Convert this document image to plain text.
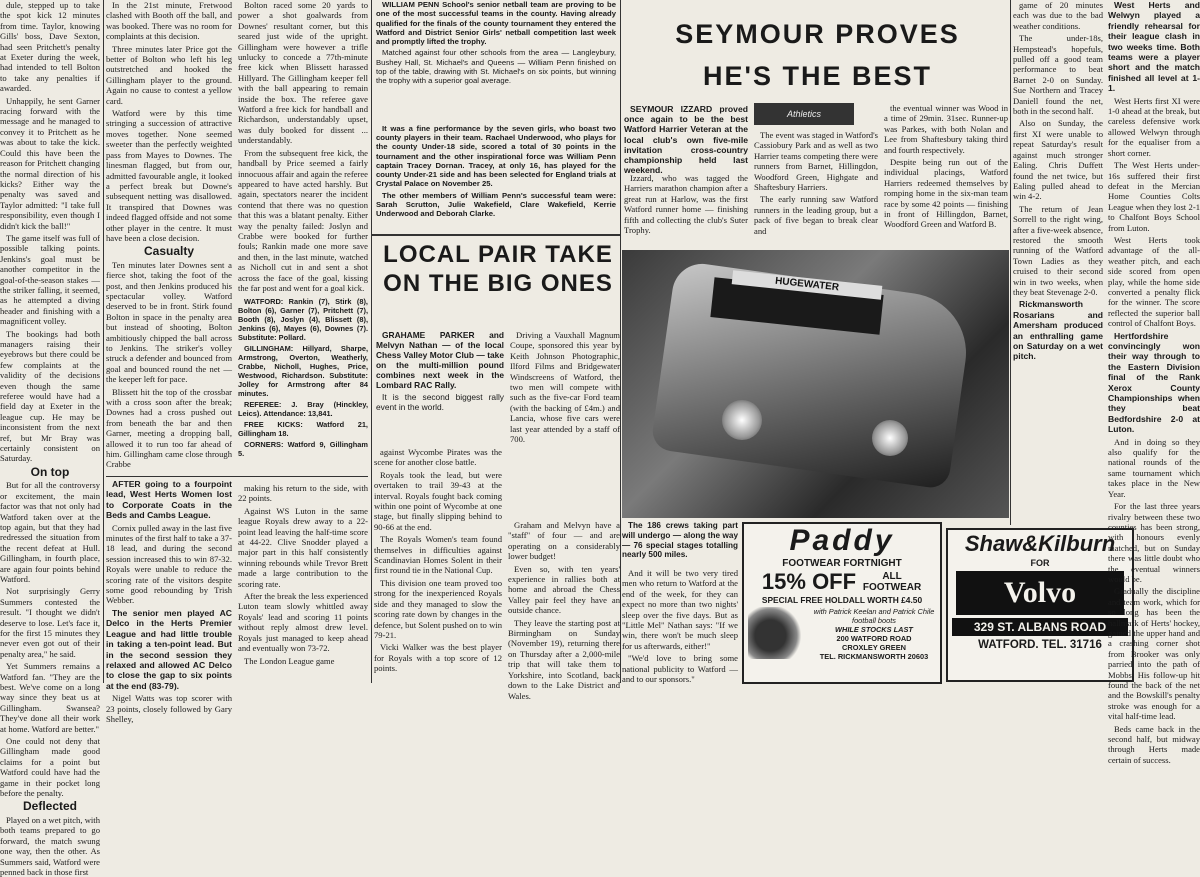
dule, stepped up to take the spot kick 12 minutes from time. Taylor, knowing Gills' boss, Dave Sexton, had seen Pritchett's penalty at Exeter during the week, had intended to tell Bolton to take any penalties if awarded.

Unhappily, he sent Garner racing forward with the message and he managed to convey it to Pritchett as he was about to take the kick. Could this have been the reason for Pritchett changing the normal direction of his kicks? Either way the penalty was saved and Taylor admitted: "I take full responsibility, even though I didn't kick the ball!"

The game itself was full of possible talking points. Jenkins's goal must be another competitor in the goal-of-the-season stakes — the striker falling, it seemed, as he attempted a diving header and finishing with a magnificent volley.

The bookings had both managers raising their eyebrows but there could be few complaints at the validity of the decisions even though the same referee would have had a field day at Exeter in the league cup. He may be inconsistent from the next ref, but Mr Bray was certainly consistent on Saturday.

On top

But for all the controversy or excitement, the main factor was that not only had Watford taken over at the top again, but that they had redressed the situation from the recent defeat at Hull. Gillingham, in fourth place, are again four points behind Watford.

Not surprisingly Gerry Summers contested the result. "I thought we didn't deserve to lose. Let's face it, for the first 15 minutes they never even got out of their penalty area," he said.

Yet Summers remains a Watford fan. "They are the best. We've come on a long way since they beat us at Gillingham. Swansea? They've done all their work at home. Watford are better."

One could not deny that Gillingham made good claims for a point but Watford could have had the game in their pocket long before the penalty.

Deflected

Played on a wet pitch, with both teams prepared to go forward, the match swung one way, then the other. As Summers said, Watford were penned back in those first

In the 21st minute, Fretwood clashed with Booth off the ball, and was booked. There was no room for complaints at this decision.

Three minutes later Price got the better of Bolton who left his leg outstretched and hooked the Gillingham player to the ground. Again no cause to contest a yellow card.

Watford were by this time stringing a succession of attractive moves together. None seemed sweeter than the perfectly weighted pass from Mayes to Downes. The linesman flagged, but from our, admitted favourable angle, it looked a perfect break but Downe's subsequent netting was disallowed. It transpired that Downes was indeed flagged offside and not some other player in the centre. It must have been a close decision.

Casualty

Ten minutes later Downes sent a fierce shot, taking the foot of the post, and then Jenkins produced his spectacular volley. Watford deserved to be in front. Stirk found Bolton in space in the penalty area but instead of shooting, Bolton ambitiously chipped the ball across to Jenkins. The striker's volley struck a defender and bounced from goal and bounced round the net — the keeper left for pace.

Blissett hit the top of the crossbar with a cross soon after the break; Downes had a cross pushed out from beneath the bar and then Garner, meeting a dropping ball, allowed it to run too far ahead of him. Gillingham came close through Crabbe

Bolton raced some 20 yards to power a shot goalwards from Downes' resultant corner, but this seared just wide of the upright. Gillingham were however a trifle unlucky to concede a 77th-minute free kick when Blissett harassed Hillyard. The Gillingham keeper fell with the ball appearing to remain inside the box. The referee gave Watford a free kick for handball and Richardson, understandably upset, was duly booked for dissent ... understandably.

From the subsequent free kick, the handball by Price seemed a fairly innocuous affair and again the referee appeared to have acted harshly. But again, spectators nearer the incident contend that there was no question that this was a blatant penalty. Either way the penalty failed: Joslyn and Crabbe were booked for further fouls; Rankin made one more save and then, in the last minute, watched as Nicholl cut in and sent a shot across the face of the goal, kissing the far post and went for a goal kick.

WATFORD: Rankin (7), Stirk (8), Bolton (6), Garner (7), Pritchett (7), Booth (8), Joslyn (4), Blissett (8), Jenkins (6), Mayes (6), Downes (7). Substitute: Pollard.

GILLINGHAM: Hillyard, Sharpe, Armstrong, Overton, Weatherly, Crabbe, Nicholl, Hughes, Price, Westwood, Richardson. Substitute: Jolley for Armstrong after 84 minutes.

REFEREE: J. Bray (Hinckley, Leics). Attendance: 13,841.

FREE KICKS: Watford 21, Gillingham 18.

CORNERS: Watford 9, Gillingham 5.

WILLIAM PENN School's senior netball team are proving to be one of the most successful teams in the county. Having already qualified for the finals of the county tournament they entered the Watford and District Senior Girls' netball competition last week and promptly lifted the trophy.

Matched against four other schools from the area — Langleybury, Bushey Hall, St. Michael's and Queens — William Penn finished on top of the table, drawing with St. Michael's on six points, but winning the trophy with a superior goal average.

It was a fine performance by the seven girls, who boast two county players in their team. Rachael Underwood, who plays for the county Under-18 side, scored a total of 30 points in the tournament and the other inspirational force was William Penn captain Tracey Dornan. Tracey, at only 16, has played for the county Under-21 side and has been selected for England trials at Crystal Palace on November 25.

The other members of William Penn's successful team were: Sarah Scrutton, Julie Wakefield, Clare Wakefield, Kerrie Underwood and Deborah Clarke.

LOCAL PAIR TAKE ON THE BIG ONES

GRAHAME PARKER and Melvyn Nathan — of the local Chess Valley Motor Club — take on the multi-million pound combines next week in the Lombard RAC Rally.

It is the second biggest rally event in the world.

Driving a Vauxhall Magnum Coupe, sponsored this year by Keith Johnson Photographic, Ilford Films and Bridgewater Windscreens of Watford, the two men will compete with such as the five-car Ford team (with the backing of £4m.) and Lancia, whose five cars were last year attended by a staff of 700.

AFTER going to a fourpoint lead, West Herts Women lost to Corporate Coats in the Beds and Cambs League.

Cornix pulled away in the last five minutes of the first half to take a 37-18 lead, and during the second session increased this to win 87-32. Royals were unable to reduce the scoring rate of the visitors despite some good rebounding by Trish Webber.

The senior men played AC Delco in the Herts Premier League and had little trouble in taking a ten-point lead. But in the second session they relaxed and allowed AC Delco to close the gap to six points at the end (83-79).

Nigel Watts was top scorer with 23 points, closely followed by Gary Shelley,

making his return to the side, with 22 points.

Against WS Luton in the same league Royals drew away to a 22-point lead leaving the half-time score at 44-22. Clive Snodder played a major part in this half consistently winning rebounds while Trevor Brett made a large contribution to the scoring rate.

After the break the less experienced Luton team slowly whittled away Royals' lead and scoring 11 points without reply almost drew level. Royals just managed to keep ahead and eventually won 73-72.

The London League game

against Wycombe Pirates was the scene for another close battle.

Royals took the lead, but were overtaken to trail 39-43 at the interval. Royals fought back coming within one point of Wycombe at one stage, but finally slipping behind to 90-66 at the end.

The Royals Women's team found themselves in difficulties against Scandinavian Homes Solent in their first round tie in the National Cup.

This division one team proved too strong for the inexperienced Royals side and they managed to slow the scoring rate down by changes in the defence, but Solent pushed on to win 79-21.

Vicki Walker was the best player for Royals with a top score of 12 points.

Graham and Melvyn have a "staff" of four — and are operating on a considerably lower budget!

Even so, with ten years' experience in rallies both at home and abroad the Chess Valley pair feel they have an outside chance.

They leave the starting post at Birmingham on Sunday (November 19), returning there on Thursday after a 2,000-mile trip that will take them to Yorkshire, into Scotland, back down to the Lake District and Wales.

SEYMOUR PROVES
HE'S THE BEST

SEYMOUR IZZARD proved once again to be the best Watford Harrier Veteran at the local club's own five-mile invitation cross-country championship held last weekend.

Athletics

Izzard, who was tagged the Harriers marathon champion after a great run at Harlow, was the first Watford runner home — finishing fifth and collecting the club's Suter Trophy.

The event was staged in Watford's Cassiobury Park and as well as two Harrier teams competing there were runners from Barnet, Hillingdon, Woodford Green, Highgate and Shaftesbury Harriers.

The early running saw Watford runners in the leading group, but a pack of five began to break clear and

the eventual winner was Wood in a time of 29min. 31sec. Runner-up was Parkes, with both Nolan and Lee from Shaftesbury taking third and fourth respectively.

Despite being run out of the individual placings, Watford Harriers redeemed themselves by romping home in the six-man team race by some 42 points — finishing in front of Hillingdon, Barnet, Woodford Green and Watford B.

HUGEWATER

The 186 crews taking part will undergo — along the way — 76 special stages totalling nearly 500 miles.

And it will be two very tired men who return to Watford at the end of the week, for they can expect no more than two nights' sleep over the five days. But as "Little Mel" Nathan says: "If we win, there won't be much sleep for us afterwards, either!"

"We'd love to bring some national publicity to Watford — and to our sponsors."

Paddy
FOOTWEAR FORTNIGHT
15% OFF	ALL FOOTWEAR
SPECIAL FREE HOLDALL WORTH £4.50
with Patrick Keelan and Patrick Chile football boots
WHILE STOCKS LAST
200 WATFORD ROAD
CROXLEY GREEN
TEL. RICKMANSWORTH 20603
Shaw&Kilburn
FOR
Volvo
329 ST. ALBANS ROAD
WATFORD. TEL. 31716

game of 20 minutes each was due to the bad weather conditions.

The under-18s, Hempstead's hopefuls, pulled off a good team performance to beat Barnet 2-0 on Sunday. Sue Northern and Tracey Daniell found the net, both in the second half.

Also on Sunday, the first XI were unable to repeat Saturday's result against much stronger Ealing. Chris Duffett found the net twice, but Ealing pulled ahead to win 4-2.

The return of Jean Sorrell to the right wing, after a five-week absence, restored the smooth running of the Watford Town Ladies as they cruised to their second win in two weeks, when they beat Stevenage 2-0.

Rickmansworth Rosarians and Amersham produced an enthralling game on Saturday on a wet pitch.

West Herts and Welwyn played a friendly rehearsal for their league clash in two weeks time. Both teams were a player short and the match finished all level at 1-1.

West Herts first XI were 1-0 ahead at the break, but careless defensive work allowed Welwyn through for the equaliser from a short corner.

The West Herts under-16s suffered their first defeat in the Mercian Home Counties Colts League when they lost 2-1 to Chalfont Boys School from Luton.

West Herts took advantage of the all-weather pitch, and each side scored from open play, while the home side converted a penalty flick for the winner. The score reflected the superior ball control of Chalfont Boys.

Hertfordshire convincingly won their way through to the Eastern Division final of the Rank Xerox County Championships when they beat Bedfordshire 2-0 at Luton.

And in doing so they also qualify for the national rounds of the same tournament which takes place in the New Year.

For the last three years rivalry between these two counties has been strong, with honours evenly matched, but on Sunday there was little doubt who the eventual winners would be.

Gradually the discipline and team work, which for so long has been the hallmark of Herts' hockey, gained the upper hand and a crashing corner shot from Brooker was only parried into the path of Mobbs. His follow-up hit found the back of the net and the Bowskill's penalty stroke was enough for a vital half-time lead.

Beds came back in the second half, but midway through Herts made certain of success.
